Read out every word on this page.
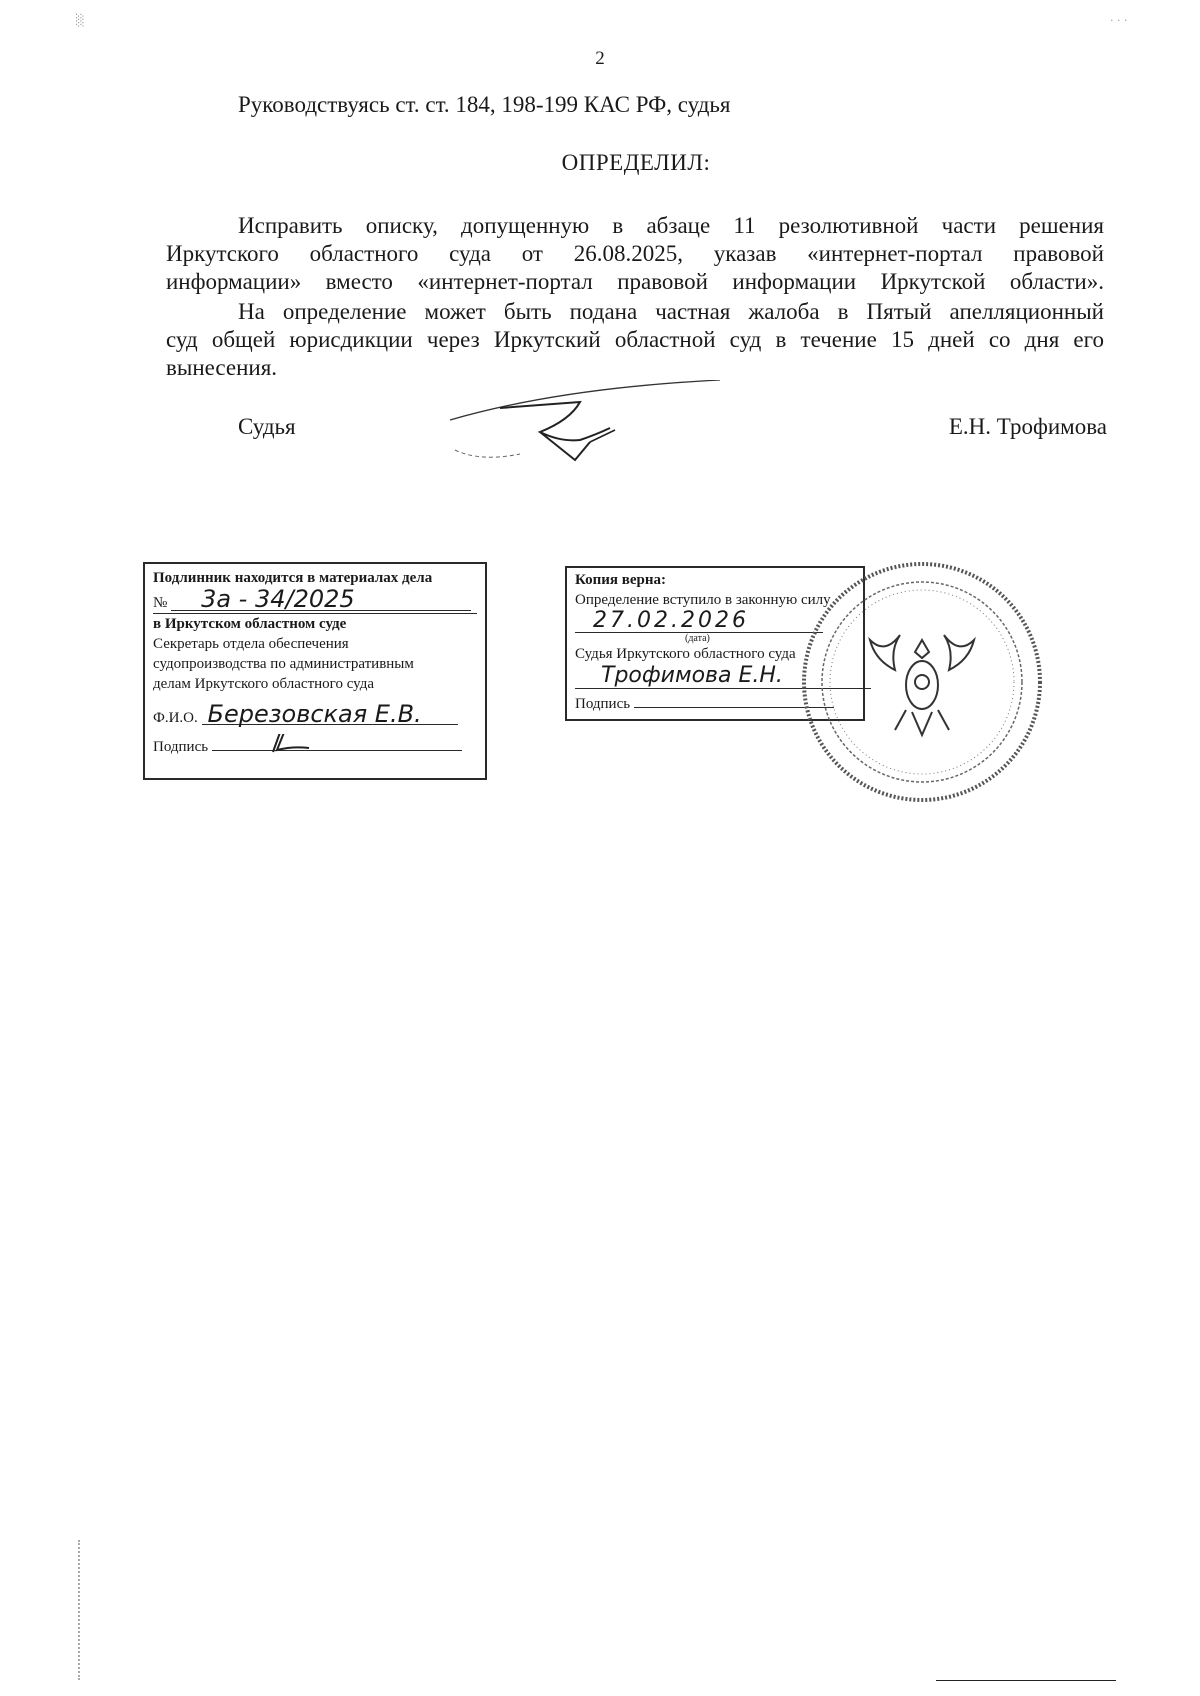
░	· · ·
2
Руководствуясь ст. ст. 184, 198-199 КАС РФ, судья
ОПРЕДЕЛИЛ:
Исправить описку, допущенную в абзаце 11 резолютивной части решения
Иркутского областного суда от 26.08.2025, указав «интернет-портал правовой
информации» вместо «интернет-портал правовой информации Иркутской области».
На определение может быть подана частная жалоба в Пятый апелляционный
суд общей юрисдикции через Иркутский областной суд в течение 15 дней со дня его
вынесения.
Судья	Е.Н. Трофимова
Подлинник находится в материалах дела
№ 3а - 34/2025
в Иркутском областном суде
Секретарь отдела обеспечения
судопроизводства по административным
делам Иркутского областного суда
Ф.И.О. Березовская Е.В.
Подпись
Копия верна:
Определение вступило в законную силу
27.02.2026
(дата)
Судья Иркутского областного суда
Трофимова Е.Н.
Подпись
